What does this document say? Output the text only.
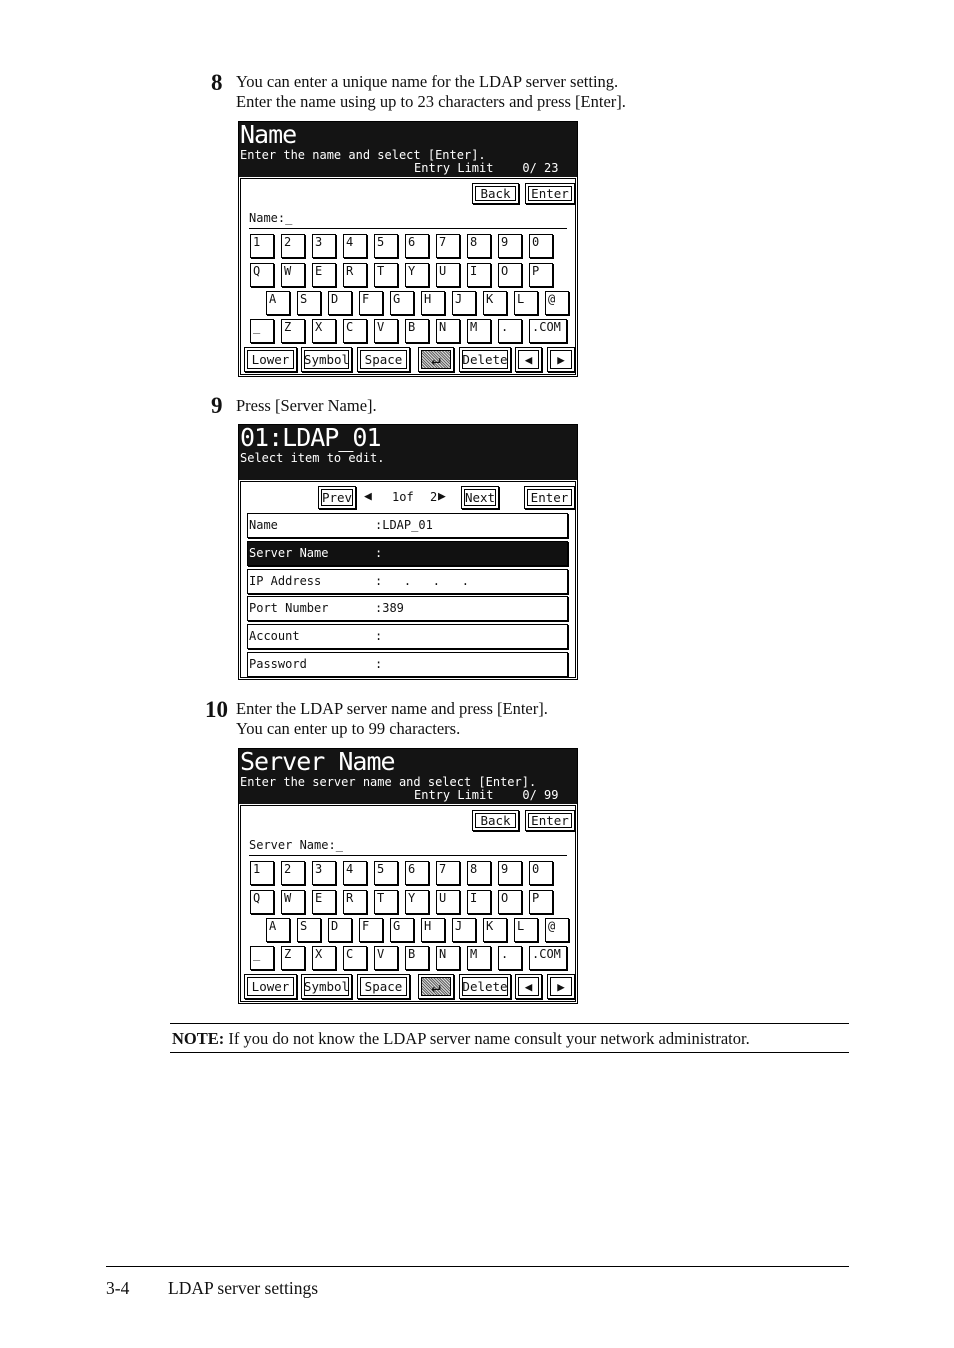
8 You can enter a unique name for the LDAP server setting.
Enter the name using up to 23 characters and press [Enter].
Name
Enter the name and select [Enter].
Entry Limit    0/ 23
Back	Enter
Name:_
1	2	3	4	5	6	7	8	9	0
Q	W	E	R	T	Y	U	I	O	P
A	S	D	F	G	H	J	K	L	@
_	Z	X	C	V	B	N	M	.	.COM
Lower	Symbol	Space	↵	Delete	◀	▶
9 Press [Server Name].
01:LDAP_01
Select item to edit.
Prev ◀ 1of 2 ▶ Next	Enter
Name	:LDAP_01
Server Name	:
IP Address	:   .   .   .
Port Number	:389
Account	:
Password	:
10 Enter the LDAP server name and press [Enter].
You can enter up to 99 characters.
Server Name
Enter the server name and select [Enter].
Entry Limit    0/ 99
Back	Enter
Server Name:_
1	2	3	4	5	6	7	8	9	0
Q	W	E	R	T	Y	U	I	O	P
A	S	D	F	G	H	J	K	L	@
_	Z	X	C	V	B	N	M	.	.COM
Lower	Symbol	Space	↵	Delete	◀	▶
NOTE: If you do not know the LDAP server name consult your network administrator.
3-4 LDAP server settings
